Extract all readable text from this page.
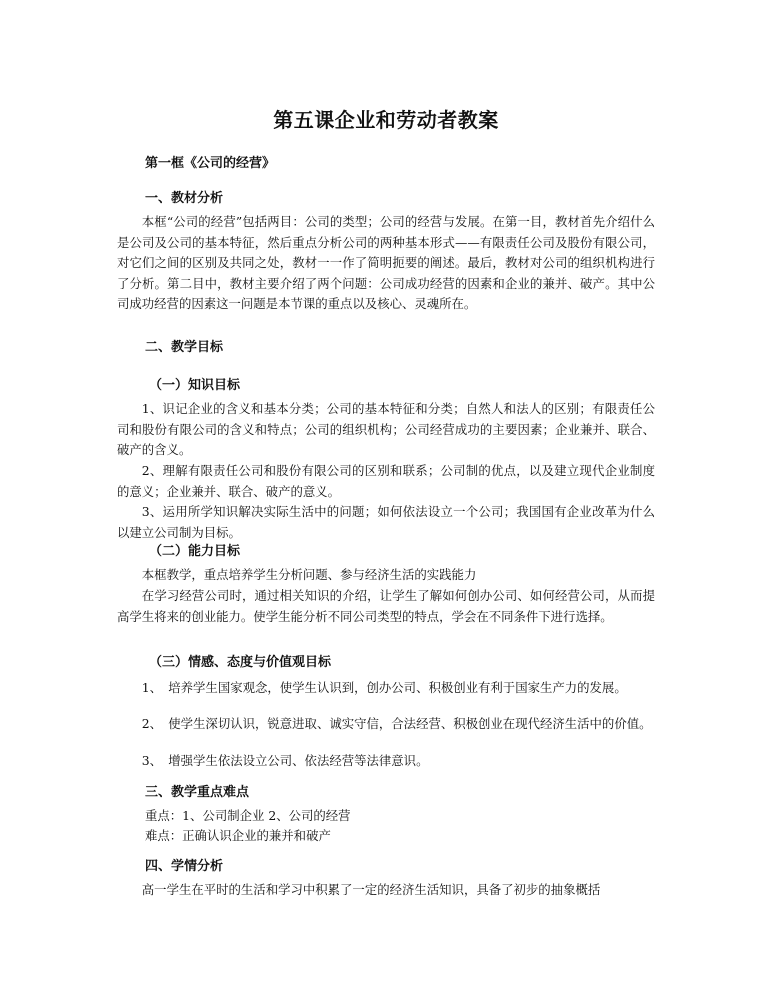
第五课企业和劳动者教案
第一框《公司的经营》
一、教材分析

本框“公司的经营”包括两目：公司的类型；公司的经营与发展。在第一目，教材首先介绍什么是公司及公司的基本特征，然后重点分析公司的两种基本形式——有限责任公司及股份有限公司，对它们之间的区别及共同之处，教材一一作了简明扼要的阐述。最后，教材对公司的组织机构进行了分析。第二目中，教材主要介绍了两个问题：公司成功经营的因素和企业的兼并、破产。其中公司成功经营的因素这一问题是本节课的重点以及核心、灵魂所在。

二、教学目标
（一）知识目标

1、识记企业的含义和基本分类；公司的基本特征和分类；自然人和法人的区别；有限责任公司和股份有限公司的含义和特点；公司的组织机构；公司经营成功的主要因素；企业兼并、联合、破产的含义。

2、理解有限责任公司和股份有限公司的区别和联系；公司制的优点，以及建立现代企业制度的意义；企业兼并、联合、破产的意义。

3、运用所学知识解决实际生活中的问题；如何依法设立一个公司；我国国有企业改革为什么以建立公司制为目标。

（二）能力目标

本框教学，重点培养学生分析问题、参与经济生活的实践能力

在学习经营公司时，通过相关知识的介绍，让学生了解如何创办公司、如何经营公司，从而提高学生将来的创业能力。使学生能分析不同公司类型的特点，学会在不同条件下进行选择。

（三）情感、态度与价值观目标

1、　培养学生国家观念，使学生认识到，创办公司、积极创业有利于国家生产力的发展。

2、　使学生深切认识，锐意进取、诚实守信，合法经营、积极创业在现代经济生活中的价值。

3、　增强学生依法设立公司、依法经营等法律意识。

三、教学重点难点
重点：1、公司制企业 2、公司的经营
难点：正确认识企业的兼并和破产
四、学情分析

高一学生在平时的生活和学习中积累了一定的经济生活知识，具备了初步的抽象概括
